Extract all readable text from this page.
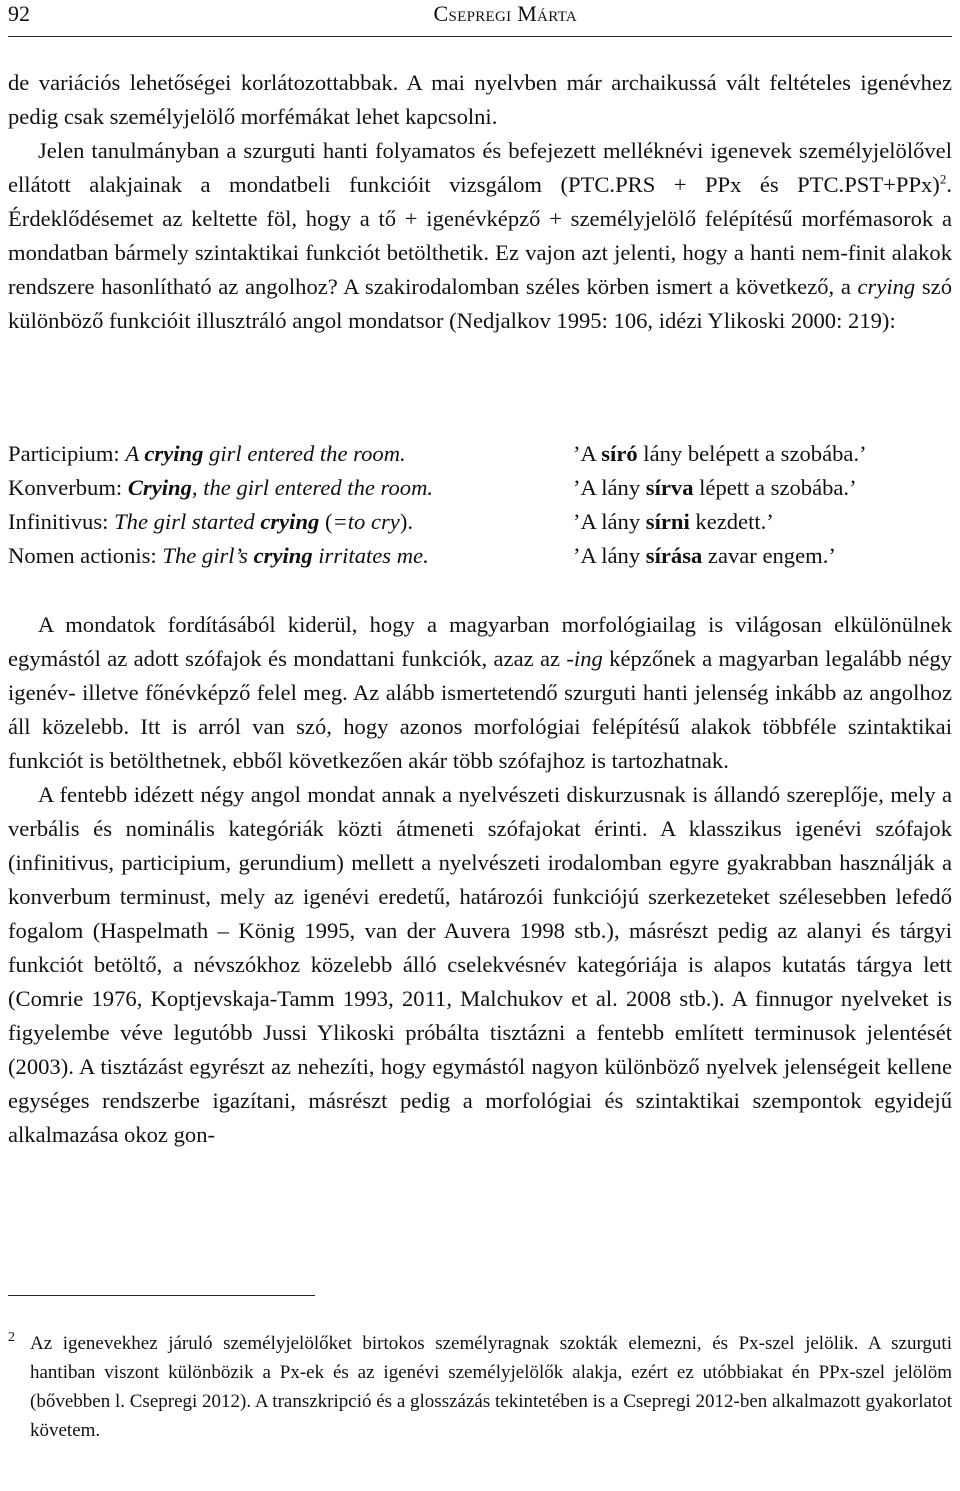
92	Csepregi Márta

de variációs lehetőségei korlátozottabbak. A mai nyelvben már archaikussá vált feltételes igenévhez pedig csak személyjelölő morfémákat lehet kapcsolni.

Jelen tanulmányban a szurguti hanti folyamatos és befejezett melléknévi igenevek személyjelölővel ellátott alakjainak a mondatbeli funkcióit vizsgálom (PTC.PRS + PPx és PTC.PST+PPx)$^2$. Érdeklődésemet az keltette föl, hogy a tő + igenévképző + személyjelölő felépítésű morfémasorok a mondatban bármely szintaktikai funkciót betölthetik. Ez vajon azt jelenti, hogy a hanti nem-finit alakok rendszere hasonlítható az angolhoz? A szakirodalomban széles körben ismert a következő, a crying szó különböző funkcióit illusztráló angol mondatsor (Nedjalkov 1995: 106, idézi Ylikoski 2000: 219):

Participium: A crying girl entered the room.	’A síró lány belépett a szobába.’
Konverbum: Crying, the girl entered the room.	’A lány sírva lépett a szobába.’
Infinitivus: The girl started crying (=to cry).	’A lány sírni kezdett.’
Nomen actionis: The girl’s crying irritates me.	’A lány sírása zavar engem.’

A mondatok fordításából kiderül, hogy a magyarban morfológiailag is világosan elkülönülnek egymástól az adott szófajok és mondattani funkciók, azaz az -ing képzőnek a magyarban legalább négy igenév- illetve főnévképző felel meg. Az alább ismertetendő szurguti hanti jelenség inkább az angolhoz áll közelebb. Itt is arról van szó, hogy azonos morfológiai felépítésű alakok többféle szintaktikai funkciót is betölthetnek, ebből következően akár több szófajhoz is tartozhatnak.

A fentebb idézett négy angol mondat annak a nyelvészeti diskurzusnak is állandó szereplője, mely a verbális és nominális kategóriák közti átmeneti szófajokat érinti. A klasszikus igenévi szófajok (infinitivus, participium, gerundium) mellett a nyelvészeti irodalomban egyre gyakrabban használják a konverbum terminust, mely az igenévi eredetű, határozói funkciójú szerkezeteket szélesebben lefedő fogalom (Haspelmath – König 1995, van der Auvera 1998 stb.), másrészt pedig az alanyi és tárgyi funkciót betöltő, a névszókhoz közelebb álló cselekvésnév kategóriája is alapos kutatás tárgya lett (Comrie 1976, Koptjevskaja-Tamm 1993, 2011, Malchukov et al. 2008 stb.). A finnugor nyelveket is figyelembe véve legutóbb Jussi Ylikoski próbálta tisztázni a fentebb említett terminusok jelentését (2003). A tisztázást egyrészt az nehezíti, hogy egymástól nagyon különböző nyelvek jelenségeit kellene egységes rendszerbe igazítani, másrészt pedig a morfológiai és szintaktikai szempontok egyidejű alkalmazása okoz gon-

2 Az igenevekhez járuló személyjelölőket birtokos személyragnak szokták elemezni, és Px-szel jelölik. A szurguti hantiban viszont különbözik a Px-ek és az igenévi személyjelölők alakja, ezért ez utóbbiakat én PPx-szel jelölöm (bővebben l. Csepregi 2012). A transzkripció és a glosszázás tekintetében is a Csepregi 2012-ben alkalmazott gyakorlatot követem.
